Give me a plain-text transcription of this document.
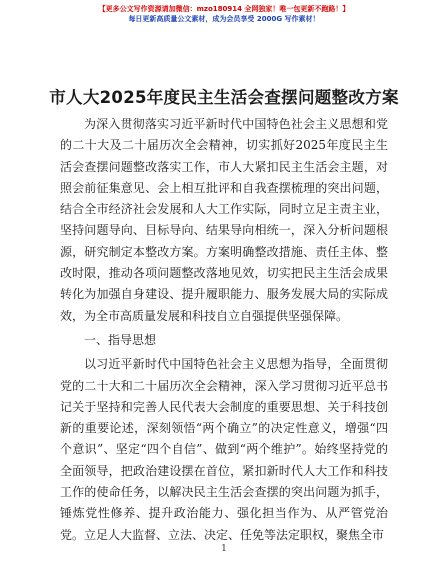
【更多公文写作资源请加微信：mzo180914 全网独家！唯一包更新不跑路！】
每日更新高质量公文素材，成为会员享受 2000G 写作素材！
市人大2025年度民主生活会查摆问题整改方案

为深入贯彻落实习近平新时代中国特色社会主义思想和党的二十大及二十届历次全会精神，切实抓好2025年度民主生活会查摆问题整改落实工作，市人大紧扣民主生活会主题，对照会前征集意见、会上相互批评和自我查摆梳理的突出问题，结合全市经济社会发展和人大工作实际，同时立足主责主业，坚持问题导向、目标导向、结果导向相统一，深入分析问题根源，研究制定本整改方案。方案明确整改措施、责任主体、整改时限，推动各项问题整改落地见效，切实把民主生活会成果转化为加强自身建设、提升履职能力、服务发展大局的实际成效，为全市高质量发展和科技自立自强提供坚强保障。

一、指导思想

以习近平新时代中国特色社会主义思想为指导，全面贯彻党的二十大和二十届历次全会精神，深入学习贯彻习近平总书记关于坚持和完善人民代表大会制度的重要思想、关于科技创新的重要论述，深刻领悟“两个确立”的决定性意义，增强“四个意识”、坚定“四个自信”、做到“两个维护”。始终坚持党的全面领导，把政治建设摆在首位，紧扣新时代人大工作和科技工作的使命任务，以解决民主生活会查摆的突出问题为抓手，锤炼党性修养、提升政治能力、强化担当作为、从严管党治党。立足人大监督、立法、决定、任免等法定职权，聚焦全市

1
